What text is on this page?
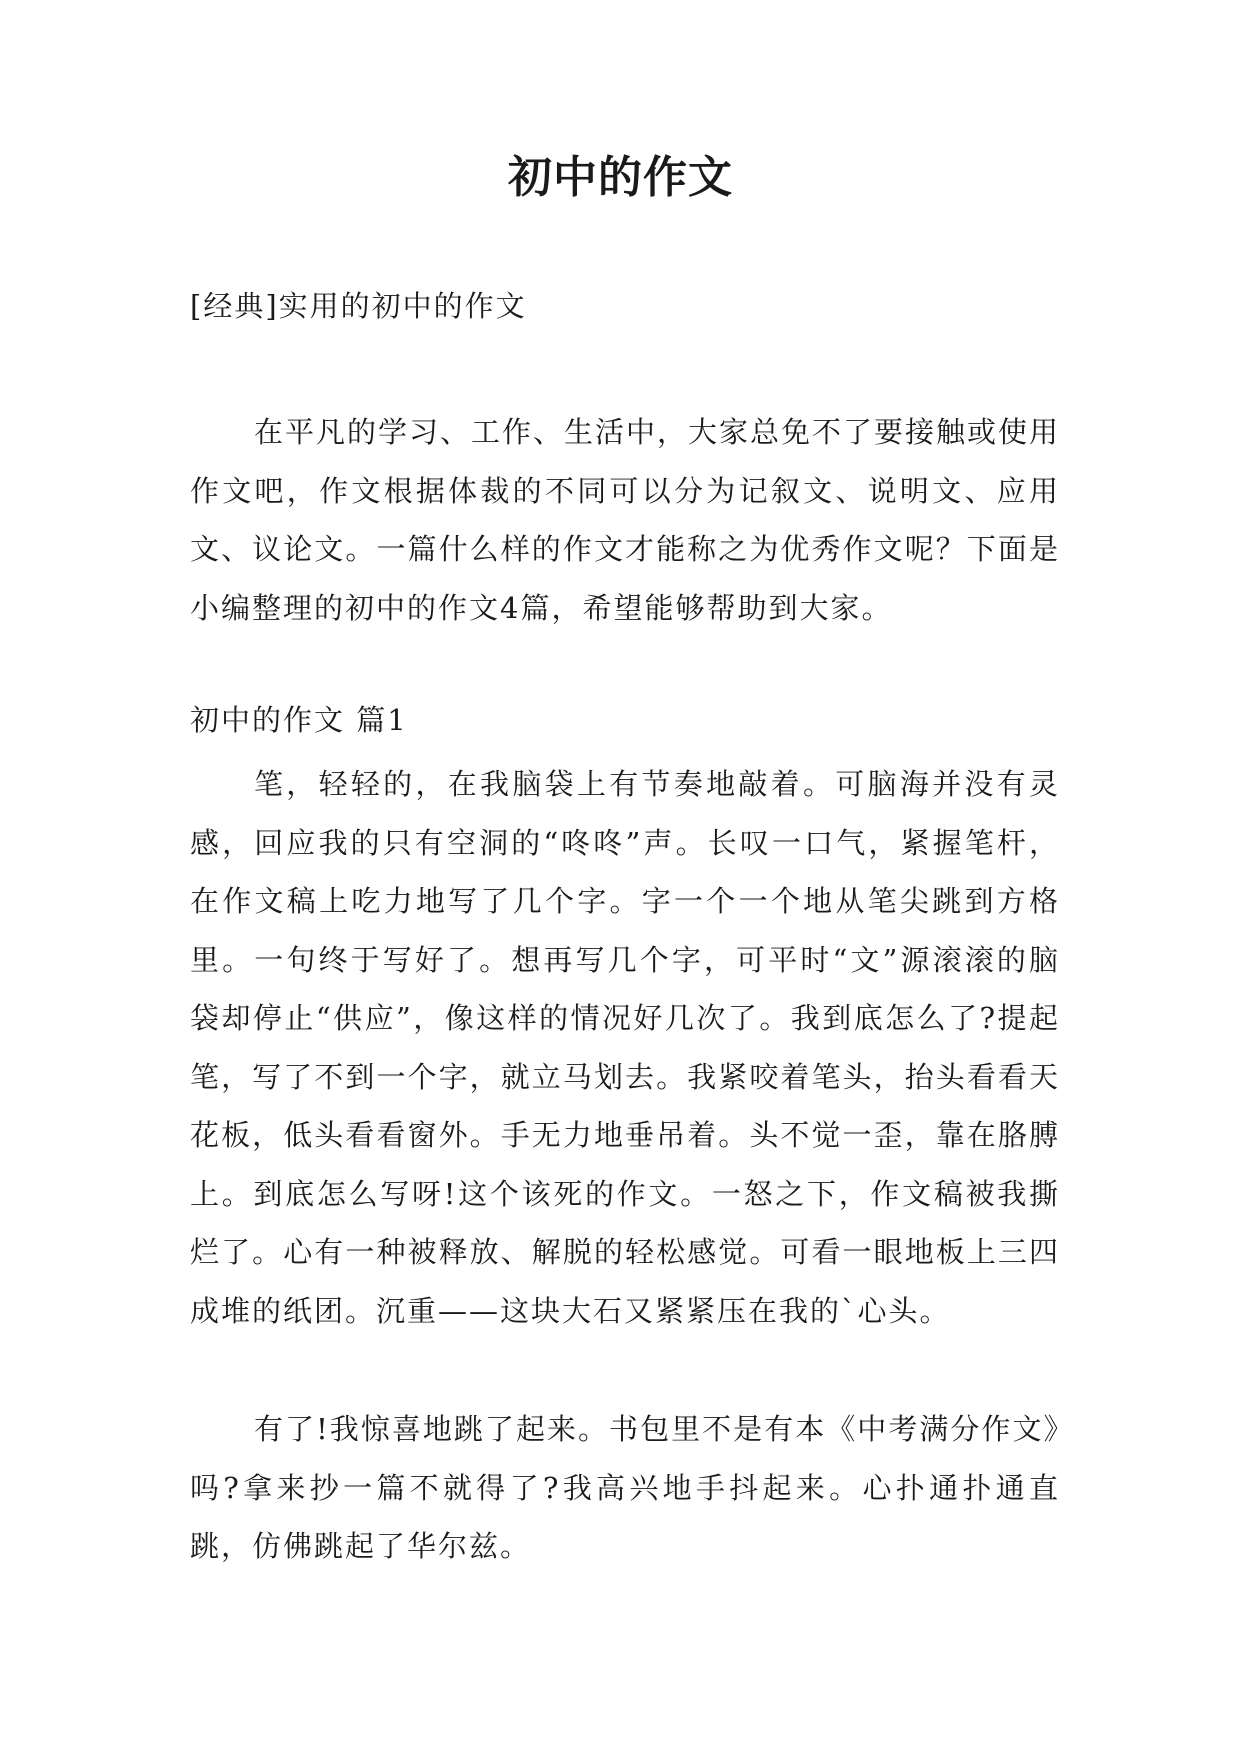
初中的作文
[经典]实用的初中的作文
在平凡的学习、工作、生活中，大家总免不了要接触或使用作文吧，作文根据体裁的不同可以分为记叙文、说明文、应用文、议论文。一篇什么样的作文才能称之为优秀作文呢？下面是小编整理的初中的作文4篇，希望能够帮助到大家。
初中的作文 篇1
笔，轻轻的，在我脑袋上有节奏地敲着。可脑海并没有灵感，回应我的只有空洞的“咚咚”声。长叹一口气，紧握笔杆，在作文稿上吃力地写了几个字。字一个一个地从笔尖跳到方格里。一句终于写好了。想再写几个字，可平时“文”源滚滚的脑袋却停止“供应”，像这样的情况好几次了。我到底怎么了?提起笔，写了不到一个字，就立马划去。我紧咬着笔头，抬头看看天花板，低头看看窗外。手无力地垂吊着。头不觉一歪，靠在胳膊上。到底怎么写呀!这个该死的作文。一怒之下，作文稿被我撕烂了。心有一种被释放、解脱的轻松感觉。可看一眼地板上三四成堆的纸团。沉重——这块大石又紧紧压在我的`心头。
有了!我惊喜地跳了起来。书包里不是有本《中考满分作文》吗?拿来抄一篇不就得了?我高兴地手抖起来。心扑通扑通直跳，仿佛跳起了华尔兹。
